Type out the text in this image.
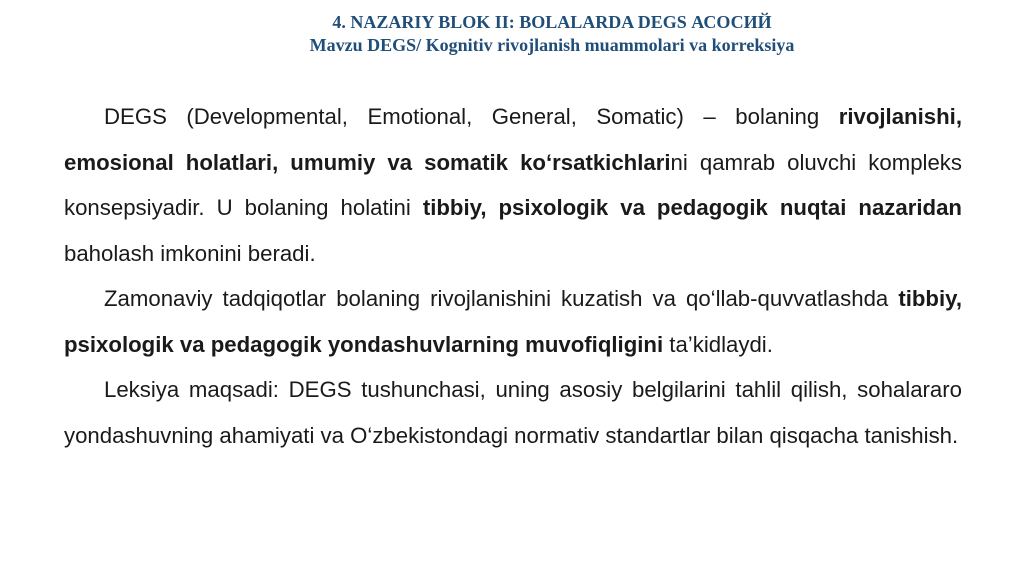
4. NAZARIY BLOK II: BOLALARDA DEGS АСОСИЙ
Mavzu DEGS/ Kognitiv rivojlanish muammolari va korreksiya

DEGS (Developmental, Emotional, General, Somatic) – bolaning rivojlanishi, emosional holatlari, umumiy va somatik ko‘rsatkichlarini qamrab oluvchi kompleks konsepsiyadir. U bolaning holatini tibbiy, psixologik va pedagogik nuqtai nazaridan baholash imkonini beradi.

Zamonaviy tadqiqotlar bolaning rivojlanishini kuzatish va qo‘llab-quvvatlashda tibbiy, psixologik va pedagogik yondashuvlarning muvofiqligini ta’kidlaydi.

Leksiya maqsadi: DEGS tushunchasi, uning asosiy belgilarini tahlil qilish, sohalararo yondashuvning ahamiyati va O‘zbekistondagi normativ standartlar bilan qisqacha tanishish.
